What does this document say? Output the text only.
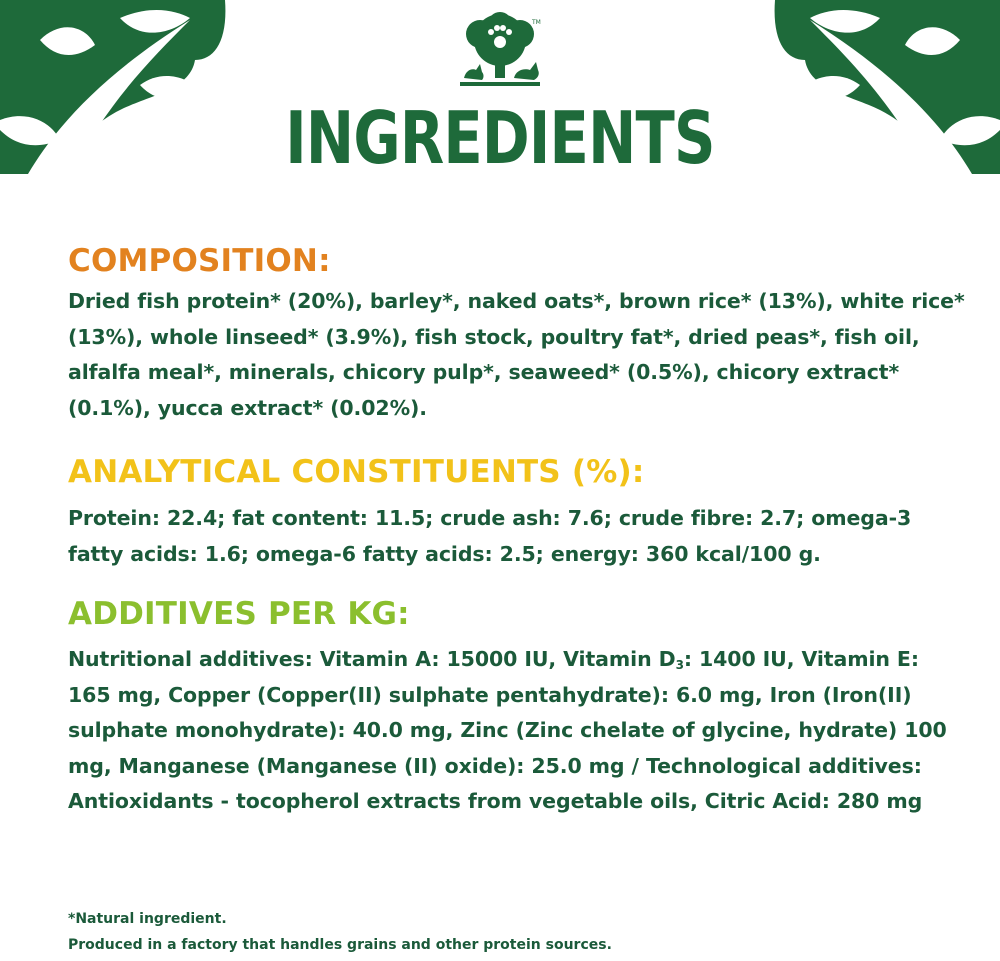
TM
INGREDIENTS
COMPOSITION:

Dried fish protein* (20%), barley*, naked oats*, brown rice* (13%), white rice* (13%), whole linseed* (3.9%), fish stock, poultry fat*, dried peas*, fish oil, alfalfa meal*, minerals, chicory pulp*, seaweed* (0.5%), chicory extract* (0.1%), yucca extract* (0.02%).

ANALYTICAL CONSTITUENTS (%):

Protein: 22.4; fat content: 11.5; crude ash: 7.6; crude fibre: 2.7; omega-3 fatty acids: 1.6; omega-6 fatty acids: 2.5; energy: 360 kcal/100 g.

ADDITIVES PER KG:

Nutritional additives: Vitamin A: 15000 IU, Vitamin $D_3$: 1400 IU, Vitamin E: 165 mg, Copper (Copper(II) sulphate pentahydrate): 6.0 mg, Iron (Iron(II) sulphate monohydrate): 40.0 mg, Zinc (Zinc chelate of glycine, hydrate) 100 mg, Manganese (Manganese (II) oxide): 25.0 mg / Technological additives: Antioxidants - tocopherol extracts from vegetable oils, Citric Acid: 280 mg

*Natural ingredient.

Produced in a factory that handles grains and other protein sources.
